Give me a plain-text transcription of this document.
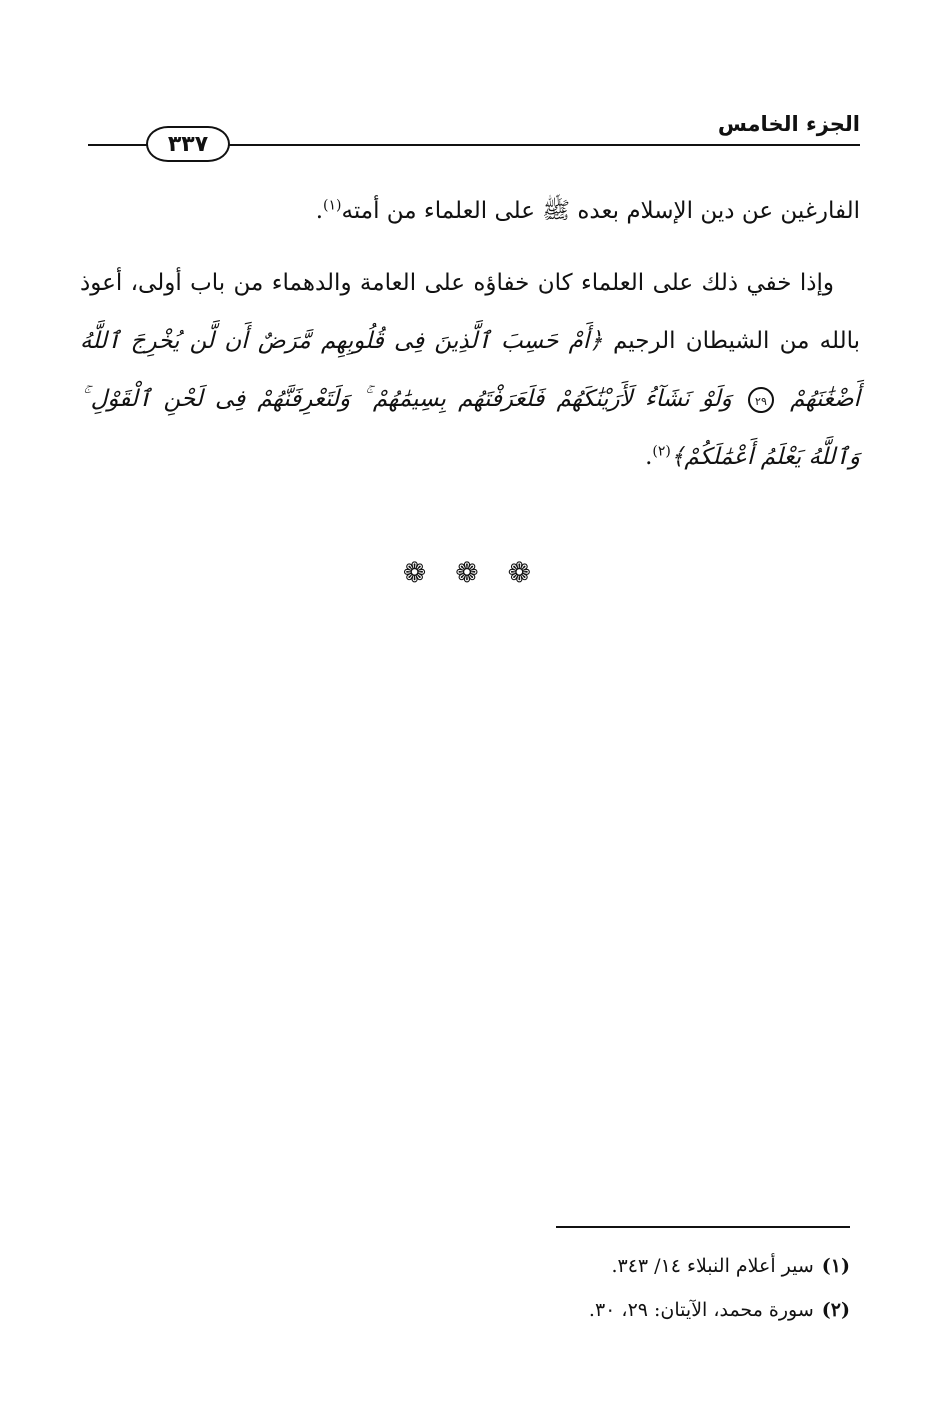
الجزء الخامس
٣٣٧

الفارغين عن دين الإسلام بعده ﷺ على العلماء من أمته$^{(١)}$.

وإذا خفي ذلك على العلماء كان خفاؤه على العامة والدهماء من باب أولى، أعوذ بالله من الشيطان الرجيم ﴿أَمْ حَسِبَ ٱلَّذِينَ فِى قُلُوبِهِم مَّرَضٌ أَن لَّن يُخْرِجَ ٱللَّهُ أَضْغَٰنَهُمْ ٢٩ وَلَوْ نَشَآءُ لَأَرَيْنَٰكَهُمْ فَلَعَرَفْتَهُم بِسِيمَٰهُمْ ۚ وَلَتَعْرِفَنَّهُمْ فِى لَحْنِ ٱلْقَوْلِ ۚ وَٱللَّهُ يَعْلَمُ أَعْمَٰلَكُمْ﴾$^{(٢)}$.

❁ ❁ ❁
(١)سير أعلام النبلاء ١٤/ ٣٤٣.
(٢)سورة محمد، الآيتان: ٢٩، ٣٠.
